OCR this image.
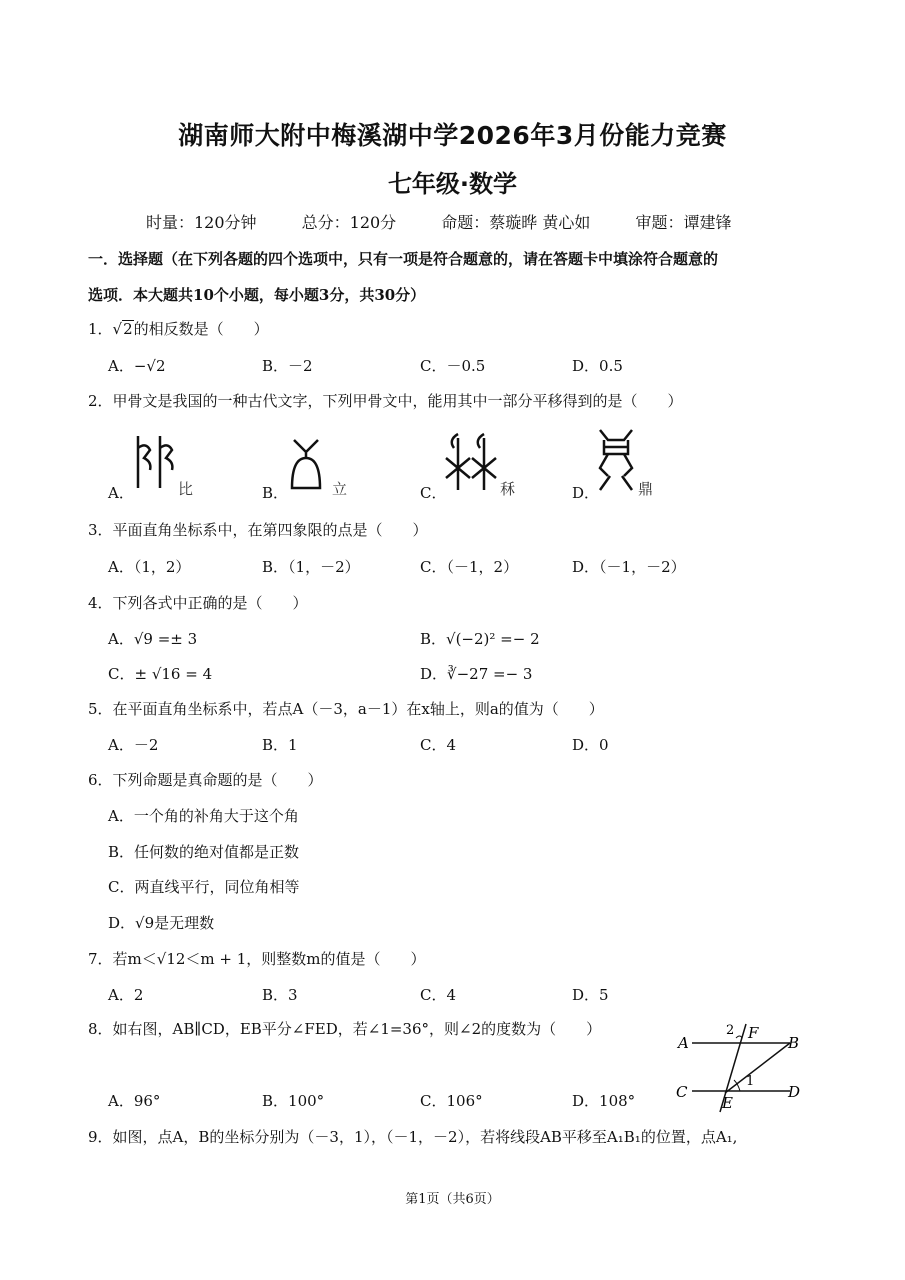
湖南师大附中梅溪湖中学2026年3月份能力竞赛
七年级·数学
时量：120分钟	总分：120分	命题：蔡璇晔 黄心如	审题：谭建锋
一．选择题（在下列各题的四个选项中，只有一项是符合题意的，请在答题卡中填涂符合题意的
选项．本大题共10个小题，每小题3分，共30分）
1．√2的相反数是（　　）
A．−√2	B．－2	C．－0.5	D．0.5
2．甲骨文是我国的一种古代文字，下列甲骨文中，能用其中一部分平移得到的是（　　）
A．	B．	C．	D．
比	立	秝	鼎
3．平面直角坐标系中，在第四象限的点是（　　）
A．（1，2）	B．（1，－2）	C．（－1，2）	D．（－1，－2）
4．下列各式中正确的是（　　）
A．√9 =± 3	B．√(−2)² =− 2
C．± √16 = 4	D．∛−27 =− 3
5．在平面直角坐标系中，若点A（－3，a－1）在x轴上，则a的值为（　　）
A．－2	B．1	C．4	D．0
6．下列命题是真命题的是（　　）
A．一个角的补角大于这个角
B．任何数的绝对值都是正数
C．两直线平行，同位角相等
D．√9是无理数
7．若m＜√12＜m + 1，则整数m的值是（　　）
A．2	B．3	C．4	D．5
8．如右图，AB∥CD，EB平分∠FED，若∠1=36°，则∠2的度数为（　　）
A．96°	B．100°	C．106°	D．108°
A	B
C	D
E
F
1
2
9．如图，点A，B的坐标分别为（－3，1），（－1，－2），若将线段AB平移至A₁B₁的位置，点A₁,
第1页（共6页）
